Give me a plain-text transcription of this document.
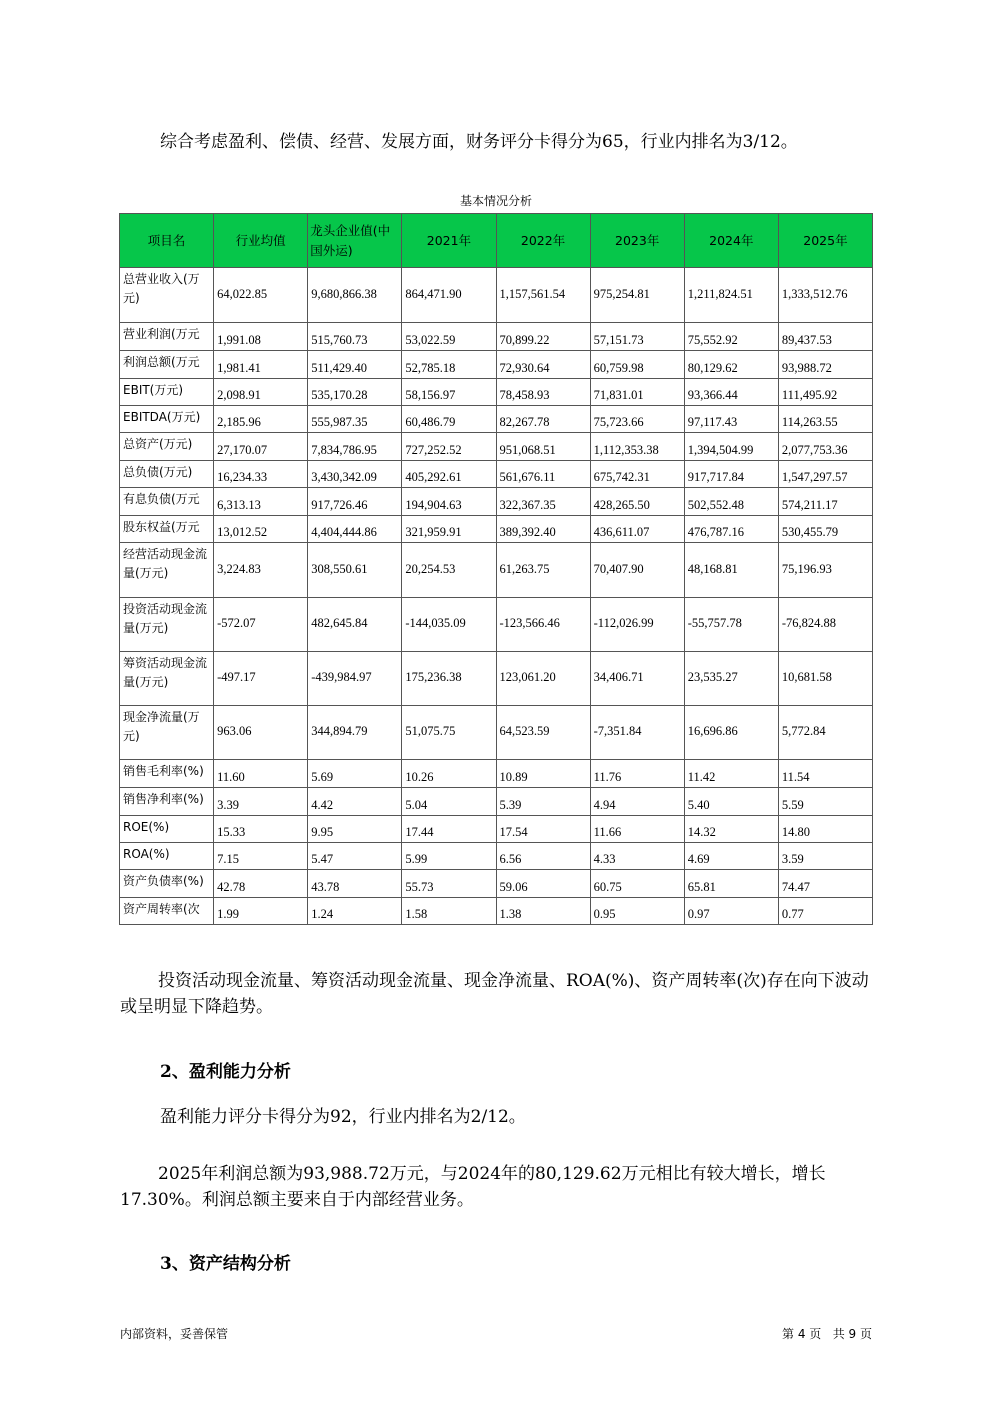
综合考虑盈利、偿债、经营、发展方面，财务评分卡得分为65，行业内排名为3/12。
基本情况分析
项目名	行业均值	龙头企业值(中国外运)	2021年	2022年	2023年	2024年	2025年
总营业收入(万元)	64,022.85	9,680,866.38	864,471.90	1,157,561.54	975,254.81	1,211,824.51	1,333,512.76
营业利润(万元	1,991.08	515,760.73	53,022.59	70,899.22	57,151.73	75,552.92	89,437.53
利润总额(万元	1,981.41	511,429.40	52,785.18	72,930.64	60,759.98	80,129.62	93,988.72
EBIT(万元)	2,098.91	535,170.28	58,156.97	78,458.93	71,831.01	93,366.44	111,495.92
EBITDA(万元)	2,185.96	555,987.35	60,486.79	82,267.78	75,723.66	97,117.43	114,263.55
总资产(万元)	27,170.07	7,834,786.95	727,252.52	951,068.51	1,112,353.38	1,394,504.99	2,077,753.36
总负债(万元)	16,234.33	3,430,342.09	405,292.61	561,676.11	675,742.31	917,717.84	1,547,297.57
有息负债(万元	6,313.13	917,726.46	194,904.63	322,367.35	428,265.50	502,552.48	574,211.17
股东权益(万元	13,012.52	4,404,444.86	321,959.91	389,392.40	436,611.07	476,787.16	530,455.79
经营活动现金流量(万元)	3,224.83	308,550.61	20,254.53	61,263.75	70,407.90	48,168.81	75,196.93
投资活动现金流量(万元)	-572.07	482,645.84	-144,035.09	-123,566.46	-112,026.99	-55,757.78	-76,824.88
筹资活动现金流量(万元)	-497.17	-439,984.97	175,236.38	123,061.20	34,406.71	23,535.27	10,681.58
现金净流量(万元)	963.06	344,894.79	51,075.75	64,523.59	-7,351.84	16,696.86	5,772.84
销售毛利率(%)	11.60	5.69	10.26	10.89	11.76	11.42	11.54
销售净利率(%)	3.39	4.42	5.04	5.39	4.94	5.40	5.59
ROE(%)	15.33	9.95	17.44	17.54	11.66	14.32	14.80
ROA(%)	7.15	5.47	5.99	6.56	4.33	4.69	3.59
资产负债率(%)	42.78	43.78	55.73	59.06	60.75	65.81	74.47
资产周转率(次	1.99	1.24	1.58	1.38	0.95	0.97	0.77
投资活动现金流量、筹资活动现金流量、现金净流量、ROA(%)、资产周转率(次)存在向下波动或呈明显下降趋势。
2、盈利能力分析
盈利能力评分卡得分为92，行业内排名为2/12。
2025年利润总额为93,988.72万元，与2024年的80,129.62万元相比有较大增长，增长17.30%。利润总额主要来自于内部经营业务。
3、资产结构分析
内部资料，妥善保管	第 4 页   共 9 页
